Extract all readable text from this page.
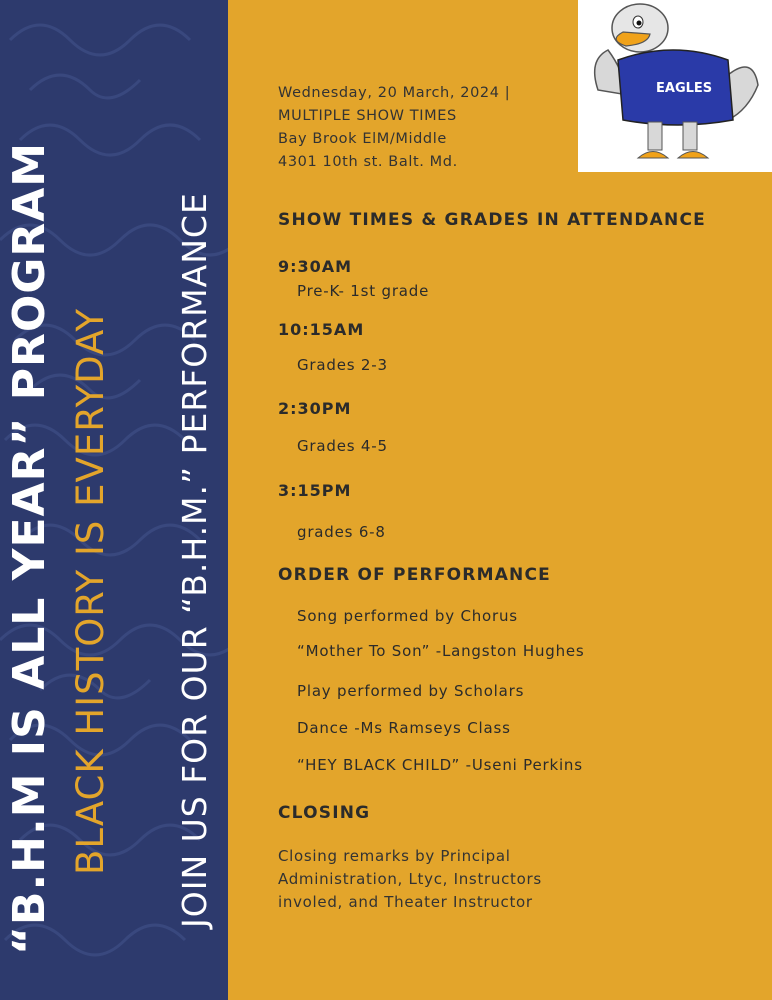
“B.H.M IS ALL YEAR” PROGRAM BLACK HISTORY IS EVERYDAY JOIN US FOR OUR “B.H.M.” PERFORMANCE
EAGLES
Wednesday, 20 March, 2024 |
MULTIPLE SHOW TIMES
Bay Brook ElM/Middle
4301 10th st. Balt. Md.
SHOW TIMES & GRADES IN ATTENDANCE
9:30AM
Pre-K- 1st grade
10:15AM
Grades 2-3
2:30PM
Grades 4-5
3:15PM
grades 6-8
ORDER OF PERFORMANCE
Song performed by Chorus
“Mother To Son” -Langston Hughes
Play performed by Scholars
Dance -Ms Ramseys Class
“HEY BLACK CHILD” -Useni Perkins
CLOSING
Closing remarks by Principal
Administration, Ltyc, Instructors
involed, and Theater Instructor
